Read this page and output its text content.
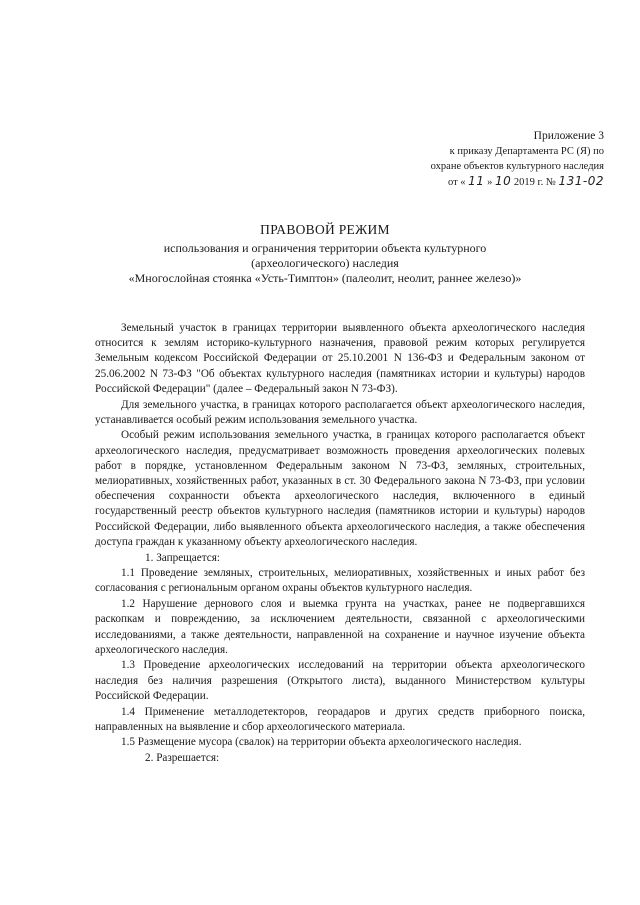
Приложение 3
к приказу Департамента РС (Я) по
охране объектов культурного наследия
от « 11 » 10 2019 г. № 131-02
ПРАВОВОЙ РЕЖИМ
использования и ограничения территории объекта культурного
(археологического) наследия
«Многослойная стоянка «Усть-Тимптон» (палеолит, неолит, раннее железо)»

Земельный участок в границах территории выявленного объекта археологического наследия относится к землям историко-культурного назначения, правовой режим которых регулируется Земельным кодексом Российской Федерации от 25.10.2001 N 136-ФЗ и Федеральным законом от 25.06.2002 N 73-ФЗ "Об объектах культурного наследия (памятниках истории и культуры) народов Российской Федерации" (далее – Федеральный закон N 73-ФЗ).

Для земельного участка, в границах которого располагается объект археологического наследия, устанавливается особый режим использования земельного участка.

Особый режим использования земельного участка, в границах которого располагается объект археологического наследия, предусматривает возможность проведения археологических полевых работ в порядке, установленном Федеральным законом N 73-ФЗ, земляных, строительных, мелиоративных, хозяйственных работ, указанных в ст. 30 Федерального закона N 73-ФЗ, при условии обеспечения сохранности объекта археологического наследия, включенного в единый государственный реестр объектов культурного наследия (памятников истории и культуры) народов Российской Федерации, либо выявленного объекта археологического наследия, а также обеспечения доступа граждан к указанному объекту археологического наследия.

1. Запрещается:

1.1 Проведение земляных, строительных, мелиоративных, хозяйственных и иных работ без согласования с региональным органом охраны объектов культурного наследия.

1.2 Нарушение дернового слоя и выемка грунта на участках, ранее не подвергавшихся раскопкам и повреждению, за исключением деятельности, связанной с археологическими исследованиями, а также деятельности, направленной на сохранение и научное изучение объекта археологического наследия.

1.3 Проведение археологических исследований на территории объекта археологического наследия без наличия разрешения (Открытого листа), выданного Министерством культуры Российской Федерации.

1.4 Применение металлодетекторов, георадаров и других средств приборного поиска, направленных на выявление и сбор археологического материала.

1.5 Размещение мусора (свалок) на территории объекта археологического наследия.

2. Разрешается:
